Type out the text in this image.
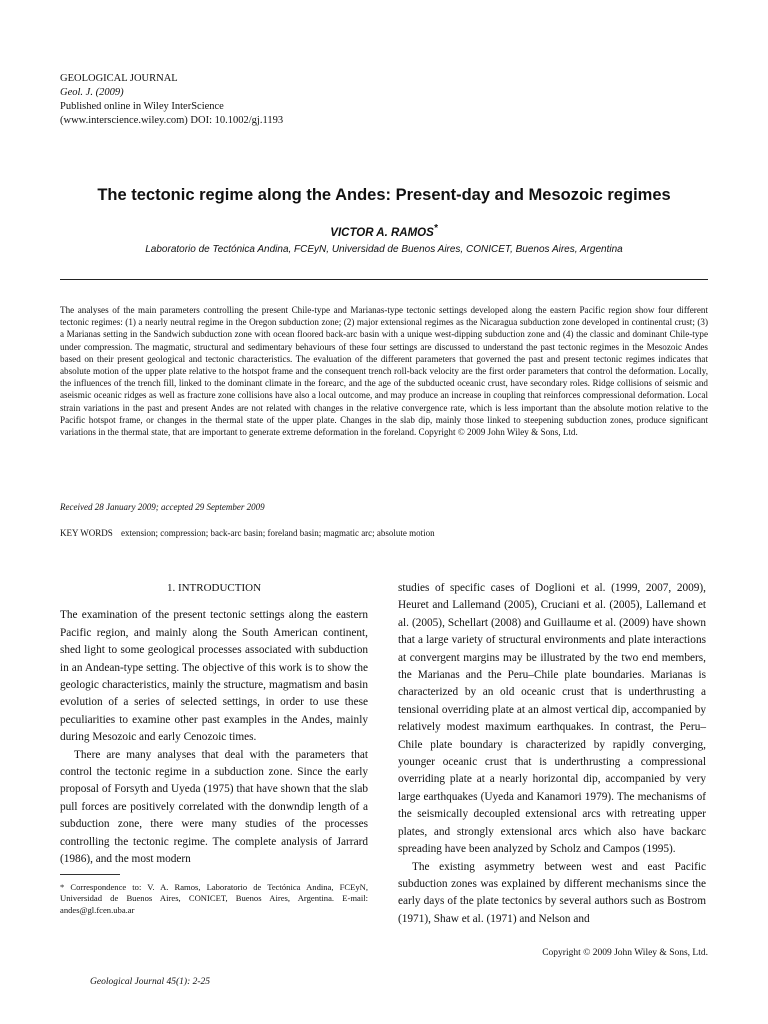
GEOLOGICAL JOURNAL
Geol. J. (2009)
Published online in Wiley InterScience
(www.interscience.wiley.com) DOI: 10.1002/gj.1193
The tectonic regime along the Andes: Present-day and Mesozoic regimes
VICTOR A. RAMOS*
Laboratorio de Tectónica Andina, FCEyN, Universidad de Buenos Aires, CONICET, Buenos Aires, Argentina

The analyses of the main parameters controlling the present Chile-type and Marianas-type tectonic settings developed along the eastern Pacific region show four different tectonic regimes: (1) a nearly neutral regime in the Oregon subduction zone; (2) major extensional regimes as the Nicaragua subduction zone developed in continental crust; (3) a Marianas setting in the Sandwich subduction zone with ocean floored back-arc basin with a unique west-dipping subduction zone and (4) the classic and dominant Chile-type under compression. The magmatic, structural and sedimentary behaviours of these four settings are discussed to understand the past tectonic regimes in the Mesozoic Andes based on their present geological and tectonic characteristics. The evaluation of the different parameters that governed the past and present tectonic regimes indicates that absolute motion of the upper plate relative to the hotspot frame and the consequent trench roll-back velocity are the first order parameters that control the deformation. Locally, the influences of the trench fill, linked to the dominant climate in the forearc, and the age of the subducted oceanic crust, have secondary roles. Ridge collisions of seismic and aseismic oceanic ridges as well as fracture zone collisions have also a local outcome, and may produce an increase in coupling that reinforces compressional deformation. Local strain variations in the past and present Andes are not related with changes in the relative convergence rate, which is less important than the absolute motion relative to the Pacific hotspot frame, or changes in the thermal state of the upper plate. Changes in the slab dip, mainly those linked to steepening subduction zones, produce significant variations in the thermal state, that are important to generate extreme deformation in the foreland. Copyright © 2009 John Wiley & Sons, Ltd.

Received 28 January 2009; accepted 29 September 2009
KEY WORDS extension; compression; back-arc basin; foreland basin; magmatic arc; absolute motion
1. INTRODUCTION

The examination of the present tectonic settings along the eastern Pacific region, and mainly along the South American continent, shed light to some geological processes associated with subduction in an Andean-type setting. The objective of this work is to show the geologic characteristics, mainly the structure, magmatism and basin evolution of a series of selected settings, in order to use these peculiarities to examine other past examples in the Andes, mainly during Mesozoic and early Cenozoic times.

There are many analyses that deal with the parameters that control the tectonic regime in a subduction zone. Since the early proposal of Forsyth and Uyeda (1975) that have shown that the slab pull forces are positively correlated with the donwndip length of a subduction zone, there were many studies of the processes controlling the tectonic regime. The complete analysis of Jarrard (1986), and the most modern

studies of specific cases of Doglioni et al. (1999, 2007, 2009), Heuret and Lallemand (2005), Cruciani et al. (2005), Lallemand et al. (2005), Schellart (2008) and Guillaume et al. (2009) have shown that a large variety of structural environments and plate interactions at convergent margins may be illustrated by the two end members, the Marianas and the Peru–Chile plate boundaries. Marianas is characterized by an old oceanic crust that is underthrusting a tensional overriding plate at an almost vertical dip, accompanied by relatively modest maximum earthquakes. In contrast, the Peru–Chile plate boundary is characterized by rapidly converging, younger oceanic crust that is underthrusting a compressional overriding plate at a nearly horizontal dip, accompanied by very large earthquakes (Uyeda and Kanamori 1979). The mechanisms of the seismically decoupled extensional arcs with retreating upper plates, and strongly extensional arcs which also have backarc spreading have been analyzed by Scholz and Campos (1995).

The existing asymmetry between west and east Pacific subduction zones was explained by different mechanisms since the early days of the plate tectonics by several authors such as Bostrom (1971), Shaw et al. (1971) and Nelson and

* Correspondence to: V. A. Ramos, Laboratorio de Tectónica Andina, FCEyN, Universidad de Buenos Aires, CONICET, Buenos Aires, Argentina. E-mail: andes@gl.fcen.uba.ar
Copyright © 2009 John Wiley & Sons, Ltd.
Geological Journal 45(1): 2-25
